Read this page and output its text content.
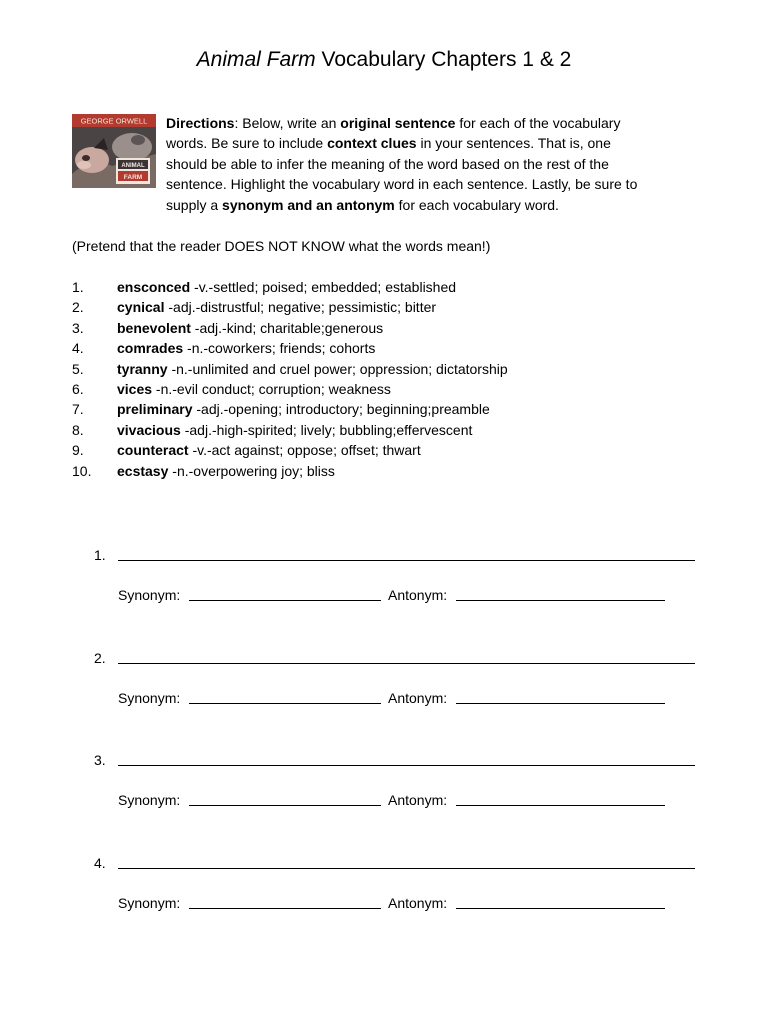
Animal Farm Vocabulary Chapters 1 & 2
GEORGE ORWELL
ANIMAL
FARM
Directions: Below, write an original sentence for each of the vocabulary
words. Be sure to include context clues in your sentences. That is, one
should be able to infer the meaning of the word based on the rest of the
sentence. Highlight the vocabulary word in each sentence. Lastly, be sure to
supply a synonym and an antonym for each vocabulary word.
(Pretend that the reader DOES NOT KNOW what the words mean!)
1. ensconced -v.-settled; poised; embedded; established
2. cynical -adj.-distrustful; negative; pessimistic; bitter
3. benevolent -adj.-kind; charitable;generous
4. comrades -n.-coworkers; friends; cohorts
5. tyranny -n.-unlimited and cruel power; oppression; dictatorship
6. vices -n.-evil conduct; corruption; weakness
7. preliminary -adj.-opening; introductory; beginning;preamble
8. vivacious -adj.-high-spirited; lively; bubbling;effervescent
9. counteract -v.-act against; oppose; offset; thwart
10. ecstasy -n.-overpowering joy; bliss
1.
Synonym:	Antonym:
2.
Synonym:	Antonym:
3.
Synonym:	Antonym:
4.
Synonym:	Antonym:
